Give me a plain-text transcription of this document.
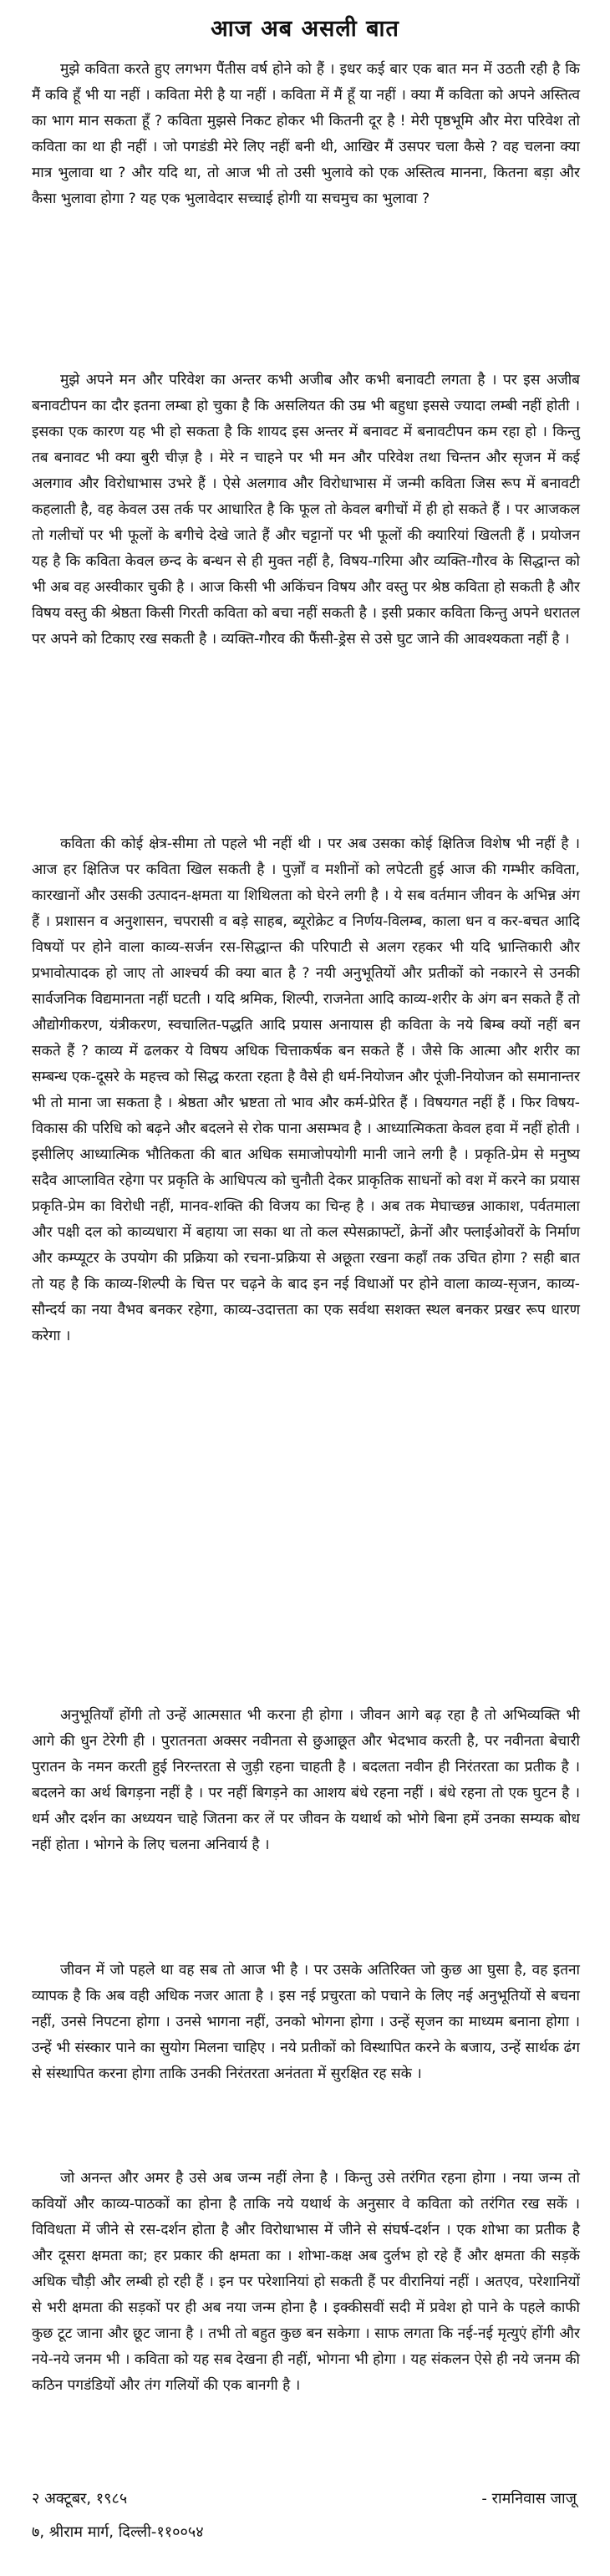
आज अब असली बात

मुझे कविता करते हुए लगभग पैंतीस वर्ष होने को हैं । इधर कई बार एक बात मन में उठती रही है कि मैं कवि हूँ भी या नहीं । कविता मेरी है या नहीं । कविता में मैं हूँ या नहीं । क्या मैं कविता को अपने अस्तित्व का भाग मान सकता हूँ ? कविता मुझसे निकट होकर भी कितनी दूर है ! मेरी पृष्ठभूमि और मेरा परिवेश तो कविता का था ही नहीं । जो पगडंडी मेरे लिए नहीं बनी थी, आखिर मैं उसपर चला कैसे ? वह चलना क्या मात्र भुलावा था ? और यदि था, तो आज भी तो उसी भुलावे को एक अस्तित्व मानना, कितना बड़ा और कैसा भुलावा होगा ? यह एक भुलावेदार सच्चाई होगी या सचमुच का भुलावा ?

मुझे अपने मन और परिवेश का अन्तर कभी अजीब और कभी बनावटी लगता है । पर इस अजीब बनावटीपन का दौर इतना लम्बा हो चुका है कि असलियत की उम्र भी बहुधा इससे ज्यादा लम्बी नहीं होती । इसका एक कारण यह भी हो सकता है कि शायद इस अन्तर में बनावट में बनावटीपन कम रहा हो । किन्तु तब बनावट भी क्या बुरी चीज़ है । मेरे न चाहने पर भी मन और परिवेश तथा चिन्तन और सृजन में कई अलगाव और विरोधाभास उभरे हैं । ऐसे अलगाव और विरोधाभास में जन्मी कविता जिस रूप में बनावटी कहलाती है, वह केवल उस तर्क पर आधारित है कि फूल तो केवल बगीचों में ही हो सकते हैं । पर आजकल तो गलीचों पर भी फूलों के बगीचे देखे जाते हैं और चट्टानों पर भी फूलों की क्यारियां खिलती हैं । प्रयोजन यह है कि कविता केवल छन्द के बन्धन से ही मुक्त नहीं है, विषय-गरिमा और व्यक्ति-गौरव के सिद्धान्त को भी अब वह अस्वीकार चुकी है । आज किसी भी अकिंचन विषय और वस्तु पर श्रेष्ठ कविता हो सकती है और विषय वस्तु की श्रेष्ठता किसी गिरती कविता को बचा नहीं सकती है । इसी प्रकार कविता किन्तु अपने धरातल पर अपने को टिकाए रख सकती है । व्यक्ति-गौरव की फैंसी-ड्रेस से उसे घुट जाने की आवश्यकता नहीं है ।

कविता की कोई क्षेत्र-सीमा तो पहले भी नहीं थी । पर अब उसका कोई क्षितिज विशेष भी नहीं है । आज हर क्षितिज पर कविता खिल सकती है । पुर्ज़ों व मशीनों को लपेटती हुई आज की गम्भीर कविता, कारखानों और उसकी उत्पादन-क्षमता या शिथिलता को घेरने लगी है । ये सब वर्तमान जीवन के अभिन्न अंग हैं । प्रशासन व अनुशासन, चपरासी व बड़े साहब, ब्यूरोक्रेट व निर्णय-विलम्ब, काला धन व कर-बचत आदि विषयों पर होने वाला काव्य-सर्जन रस-सिद्धान्त की परिपाटी से अलग रहकर भी यदि भ्रान्तिकारी और प्रभावोत्पादक हो जाए तो आश्चर्य की क्या बात है ? नयी अनुभूतियों और प्रतीकों को नकारने से उनकी सार्वजनिक विद्यमानता नहीं घटती । यदि श्रमिक, शिल्पी, राजनेता आदि काव्य-शरीर के अंग बन सकते हैं तो औद्योगीकरण, यंत्रीकरण, स्वचालित-पद्धति आदि प्रयास अनायास ही कविता के नये बिम्ब क्यों नहीं बन सकते हैं ? काव्य में ढलकर ये विषय अधिक चित्ताकर्षक बन सकते हैं । जैसे कि आत्मा और शरीर का सम्बन्ध एक-दूसरे के महत्त्व को सिद्ध करता रहता है वैसे ही धर्म-नियोजन और पूंजी-नियोजन को समानान्तर भी तो माना जा सकता है । श्रेष्ठता और भ्रष्टता तो भाव और कर्म-प्रेरित हैं । विषयगत नहीं हैं । फिर विषय-विकास की परिधि को बढ़ने और बदलने से रोक पाना असम्भव है । आध्यात्मिकता केवल हवा में नहीं होती । इसीलिए आध्यात्मिक भौतिकता की बात अधिक समाजोपयोगी मानी जाने लगी है । प्रकृति-प्रेम से मनुष्य सदैव आप्लावित रहेगा पर प्रकृति के आधिपत्य को चुनौती देकर प्राकृतिक साधनों को वश में करने का प्रयास प्रकृति-प्रेम का विरोधी नहीं, मानव-शक्ति की विजय का चिन्ह है । अब तक मेघाच्छन्न आकाश, पर्वतमाला और पक्षी दल को काव्यधारा में बहाया जा सका था तो कल स्पेसक्राफ्टों, क्रेनों और फ्लाईओवरों के निर्माण और कम्प्यूटर के उपयोग की प्रक्रिया को रचना-प्रक्रिया से अछूता रखना कहाँ तक उचित होगा ? सही बात तो यह है कि काव्य-शिल्पी के चित्त पर चढ़ने के बाद इन नई विधाओं पर होने वाला काव्य-सृजन, काव्य-सौन्दर्य का नया वैभव बनकर रहेगा, काव्य-उदात्तता का एक सर्वथा सशक्त स्थल बनकर प्रखर रूप धारण करेगा ।

अनुभूतियाँ होंगी तो उन्हें आत्मसात भी करना ही होगा । जीवन आगे बढ़ रहा है तो अभिव्यक्ति भी आगे की धुन टेरेगी ही । पुरातनता अक्सर नवीनता से छुआछूत और भेदभाव करती है, पर नवीनता बेचारी पुरातन के नमन करती हुई निरन्तरता से जुड़ी रहना चाहती है । बदलता नवीन ही निरंतरता का प्रतीक है । बदलने का अर्थ बिगड़ना नहीं है । पर नहीं बिगड़ने का आशय बंधे रहना नहीं । बंधे रहना तो एक घुटन है । धर्म और दर्शन का अध्ययन चाहे जितना कर लें पर जीवन के यथार्थ को भोगे बिना हमें उनका सम्यक बोध नहीं होता । भोगने के लिए चलना अनिवार्य है ।

जीवन में जो पहले था वह सब तो आज भी है । पर उसके अतिरिक्त जो कुछ आ घुसा है, वह इतना व्यापक है कि अब वही अधिक नजर आता है । इस नई प्रचुरता को पचाने के लिए नई अनुभूतियों से बचना नहीं, उनसे निपटना होगा । उनसे भागना नहीं, उनको भोगना होगा । उन्हें सृजन का माध्यम बनाना होगा । उन्हें भी संस्कार पाने का सुयोग मिलना चाहिए । नये प्रतीकों को विस्थापित करने के बजाय, उन्हें सार्थक ढंग से संस्थापित करना होगा ताकि उनकी निरंतरता अनंतता में सुरक्षित रह सके ।

जो अनन्त और अमर है उसे अब जन्म नहीं लेना है । किन्तु उसे तरंगित रहना होगा । नया जन्म तो कवियों और काव्य-पाठकों का होना है ताकि नये यथार्थ के अनुसार वे कविता को तरंगित रख सकें । विविधता में जीने से रस-दर्शन होता है और विरोधाभास में जीने से संघर्ष-दर्शन । एक शोभा का प्रतीक है और दूसरा क्षमता का; हर प्रकार की क्षमता का । शोभा-कक्ष अब दुर्लभ हो रहे हैं और क्षमता की सड़कें अधिक चौड़ी और लम्बी हो रही हैं । इन पर परेशानियां हो सकती हैं पर वीरानियां नहीं । अतएव, परेशानियों से भरी क्षमता की सड़कों पर ही अब नया जन्म होना है । इक्कीसवीं सदी में प्रवेश हो पाने के पहले काफी कुछ टूट जाना और छूट जाना है । तभी तो बहुत कुछ बन सकेगा । साफ लगता कि नई-नई मृत्युएं होंगी और नये-नये जनम भी । कविता को यह सब देखना ही नहीं, भोगना भी होगा । यह संकलन ऐसे ही नये जनम की कठिन पगडंडियों और तंग गलियों की एक बानगी है ।

२ अक्टूबर, १९८५	- रामनिवास जाजू
७, श्रीराम मार्ग, दिल्ली-११००५४
